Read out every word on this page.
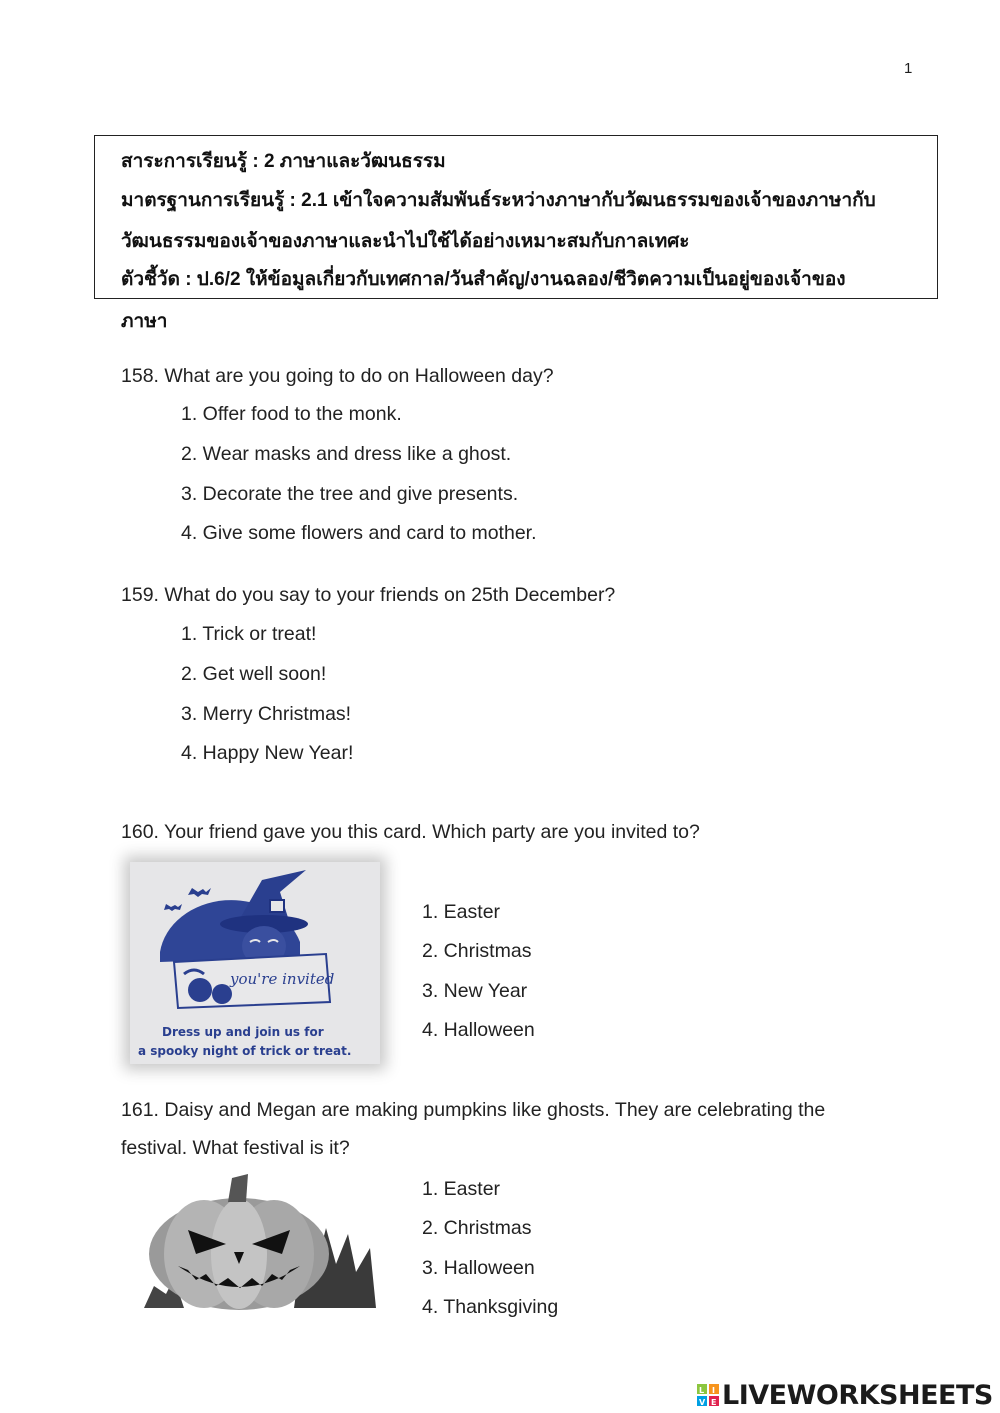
1
สาระการเรียนรู้ : 2 ภาษาและวัฒนธรรม
มาตรฐานการเรียนรู้ : 2.1 เข้าใจความสัมพันธ์ระหว่างภาษากับวัฒนธรรมของเจ้าของภาษากับ
วัฒนธรรมของเจ้าของภาษาและนำไปใช้ได้อย่างเหมาะสมกับกาลเทศะ
ตัวชี้วัด : ป.6/2 ให้ข้อมูลเกี่ยวกับเทศกาล/วันสำคัญ/งานฉลอง/ชีวิตความเป็นอยู่ของเจ้าของ
ภาษา
158. What are you going to do on Halloween day?
1. Offer food to the monk.
2. Wear masks and dress like a ghost.
3. Decorate the tree and give presents.
4. Give some flowers and card to mother.
159. What do you say to your friends on 25th December?
1. Trick or treat!
2. Get well soon!
3. Merry Christmas!
4. Happy New Year!
160. Your friend gave you this card. Which party are you invited to?
you're invited
Dress up and join us for
a spooky night of trick or treat.
1. Easter
2. Christmas
3. New Year
4. Halloween
161. Daisy and Megan are making pumpkins like ghosts. They are celebrating the
festival. What festival is it?
1. Easter
2. Christmas
3. Halloween
4. Thanksgiving
L I
V E LIVEWORKSHEETS
